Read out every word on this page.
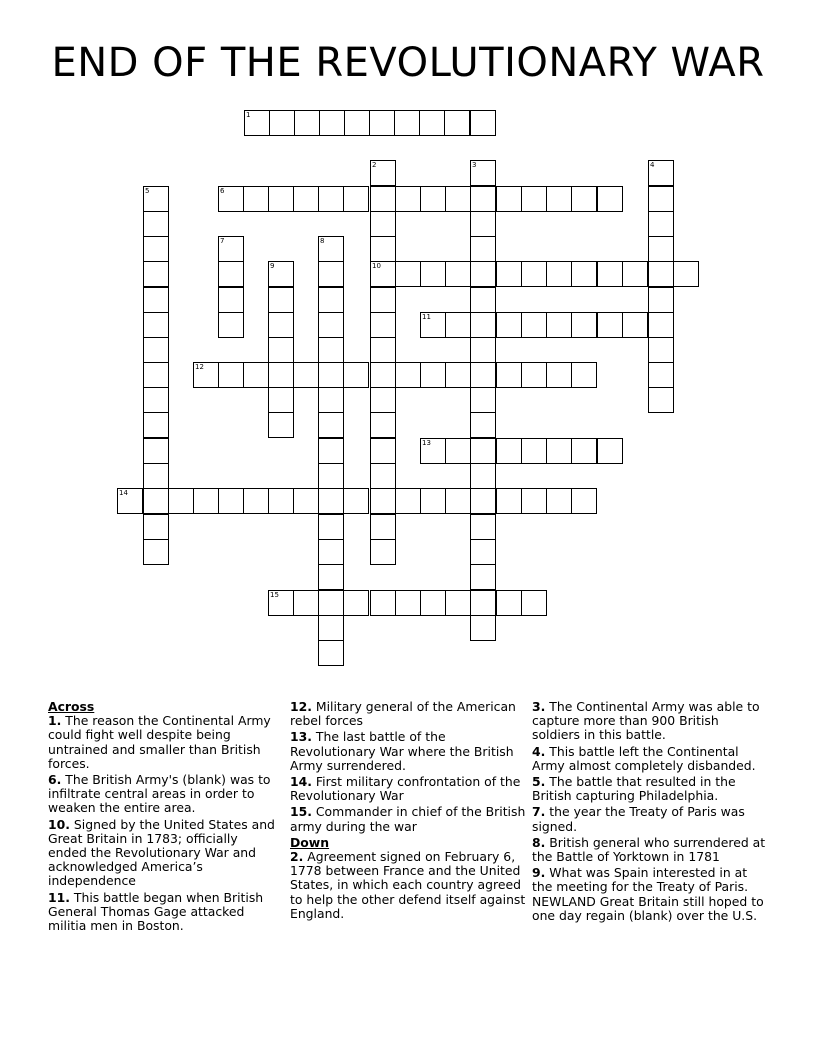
END OF THE REVOLUTIONARY WAR
1
2	3	4
5	6
7	8
9	10
11
12
13
14
15
Across
1. The reason the Continental Army could fight well despite being untrained and smaller than British forces.
6. The British Army's (blank) was to infiltrate central areas in order to weaken the entire area.
10. Signed by the United States and Great Britain in 1783; officially ended the Revolutionary War and acknowledged America’s independence
11. This battle began when British General Thomas Gage attacked militia men in Boston.
12. Military general of the American rebel forces
13. The last battle of the Revolutionary War where the British Army surrendered.
14. First military confrontation of the Revolutionary War
15. Commander in chief of the British army during the war
Down
2. Agreement signed on February 6, 1778 between France and the United States, in which each country agreed to help the other defend itself against England.
3. The Continental Army was able to capture more than 900 British soldiers in this battle.
4. This battle left the Continental Army almost completely disbanded.
5. The battle that resulted in the British capturing Philadelphia.
7. the year the Treaty of Paris was signed.
8. British general who surrendered at the Battle of Yorktown in 1781
9. What was Spain interested in at the meeting for the Treaty of Paris. NEWLAND Great Britain still hoped to one day regain (blank) over the U.S.
